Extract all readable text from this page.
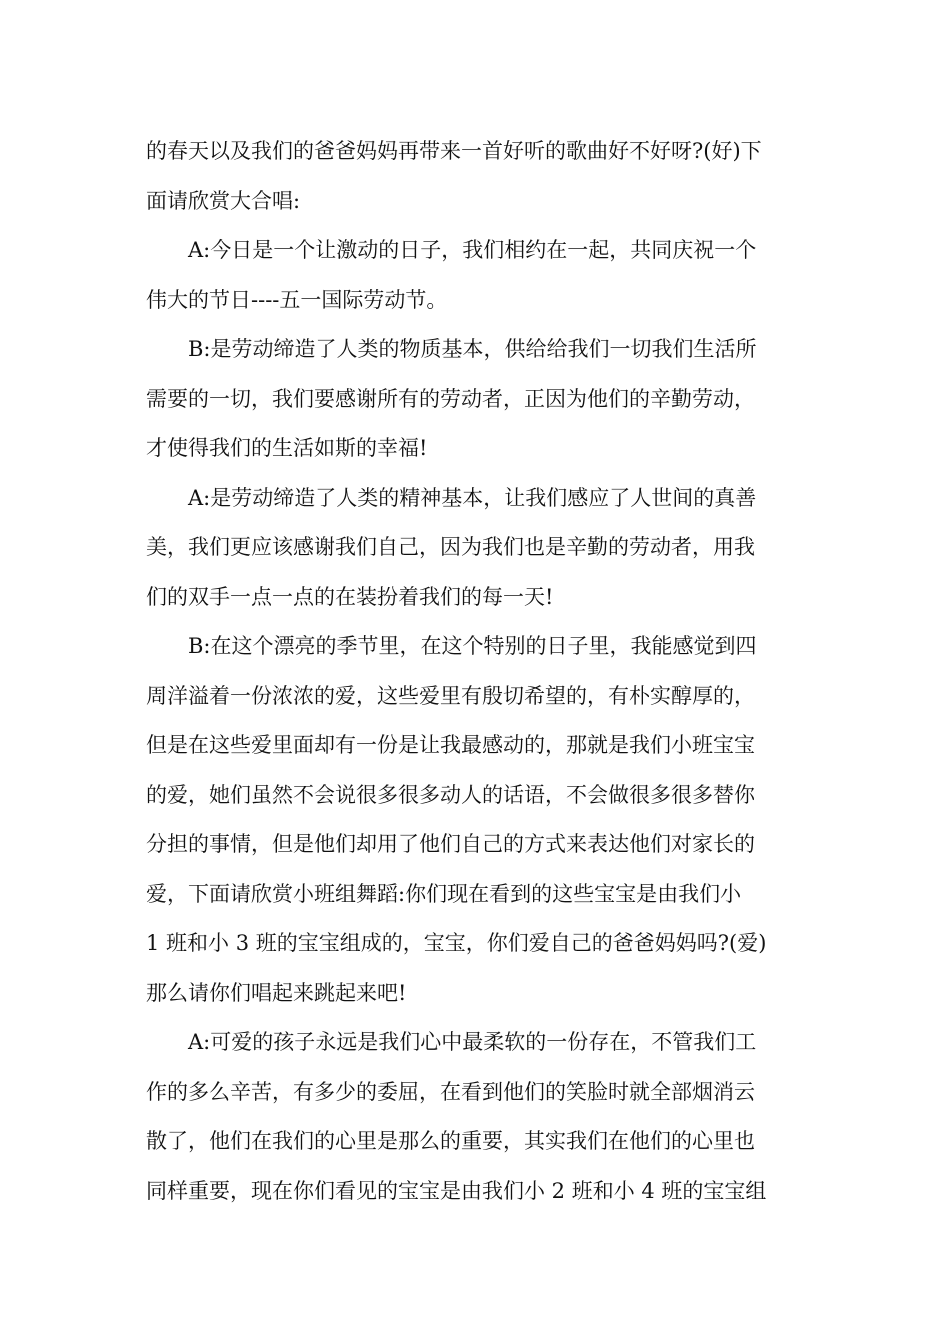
的春天以及我们的爸爸妈妈再带来一首好听的歌曲好不好呀?(好)下
面请欣赏大合唱:
A:今日是一个让激动的日子，我们相约在一起，共同庆祝一个
伟大的节日----五一国际劳动节。
B:是劳动缔造了人类的物质基本，供给给我们一切我们生活所
需要的一切，我们要感谢所有的劳动者，正因为他们的辛勤劳动，
才使得我们的生活如斯的幸福!
A:是劳动缔造了人类的精神基本，让我们感应了人世间的真善
美，我们更应该感谢我们自己，因为我们也是辛勤的劳动者，用我
们的双手一点一点的在装扮着我们的每一天!
B:在这个漂亮的季节里，在这个特别的日子里，我能感觉到四
周洋溢着一份浓浓的爱，这些爱里有殷切希望的，有朴实醇厚的，
但是在这些爱里面却有一份是让我最感动的，那就是我们小班宝宝
的爱，她们虽然不会说很多很多动人的话语，不会做很多很多替你
分担的事情，但是他们却用了他们自己的方式来表达他们对家长的
爱，下面请欣赏小班组舞蹈:你们现在看到的这些宝宝是由我们小
1 班和小 3 班的宝宝组成的，宝宝，你们爱自己的爸爸妈妈吗?(爱)
那么请你们唱起来跳起来吧!
A:可爱的孩子永远是我们心中最柔软的一份存在，不管我们工
作的多么辛苦，有多少的委屈，在看到他们的笑脸时就全部烟消云
散了，他们在我们的心里是那么的重要，其实我们在他们的心里也
同样重要，现在你们看见的宝宝是由我们小 2 班和小 4 班的宝宝组
